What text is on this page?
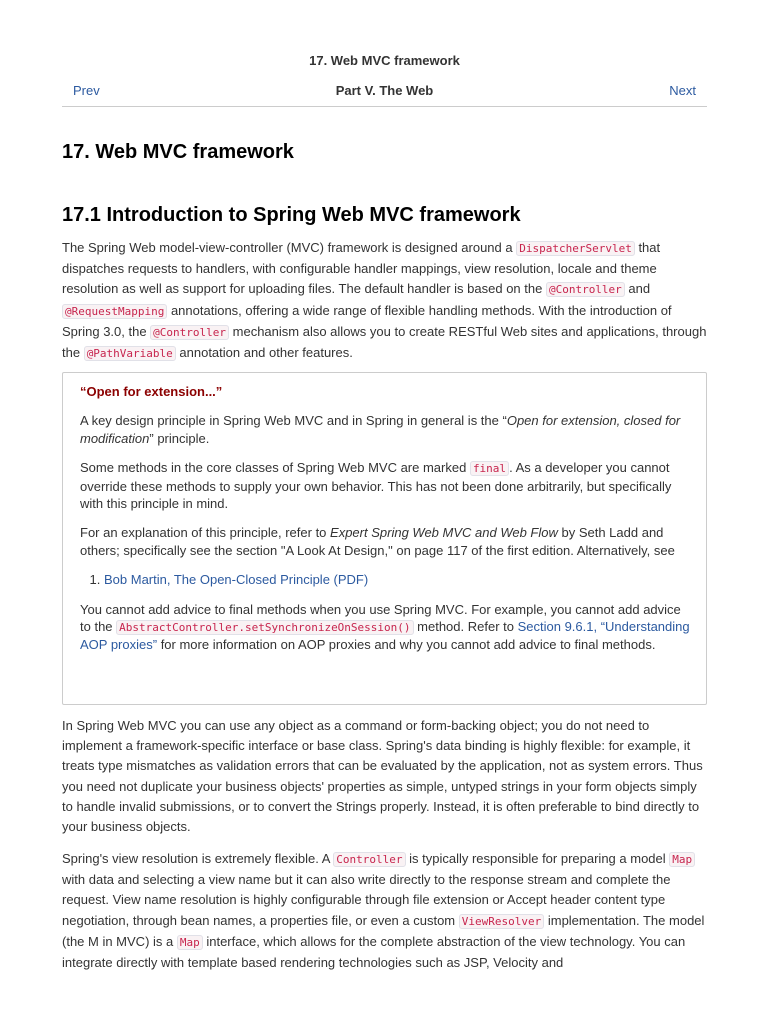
17. Web MVC framework
Prev	Part V. The Web	Next
17. Web MVC framework
17.1 Introduction to Spring Web MVC framework

The Spring Web model-view-controller (MVC) framework is designed around a DispatcherServlet that dispatches requests to handlers, with configurable handler mappings, view resolution, locale and theme resolution as well as support for uploading files. The default handler is based on the @Controller and @RequestMapping annotations, offering a wide range of flexible handling methods. With the introduction of Spring 3.0, the @Controller mechanism also allows you to create RESTful Web sites and applications, through the @PathVariable annotation and other features.

“Open for extension...”

A key design principle in Spring Web MVC and in Spring in general is the “Open for extension, closed for modification” principle.

Some methods in the core classes of Spring Web MVC are marked final . As a developer you cannot override these methods to supply your own behavior. This has not been done arbitrarily, but specifically with this principle in mind.

For an explanation of this principle, refer to Expert Spring Web MVC and Web Flow by Seth Ladd and others; specifically see the section "A Look At Design," on page 117 of the first edition. Alternatively, see

1. Bob Martin, The Open-Closed Principle (PDF)

You cannot add advice to final methods when you use Spring MVC. For example, you cannot add advice to the AbstractController.setSynchronizeOnSession() method. Refer to Section 9.6.1, “Understanding AOP proxies” for more information on AOP proxies and why you cannot add advice to final methods.

In Spring Web MVC you can use any object as a command or form-backing object; you do not need to implement a framework-specific interface or base class. Spring's data binding is highly flexible: for example, it treats type mismatches as validation errors that can be evaluated by the application, not as system errors. Thus you need not duplicate your business objects' properties as simple, untyped strings in your form objects simply to handle invalid submissions, or to convert the Strings properly. Instead, it is often preferable to bind directly to your business objects.

Spring's view resolution is extremely flexible. A Controller is typically responsible for preparing a model Map with data and selecting a view name but it can also write directly to the response stream and complete the request. View name resolution is highly configurable through file extension or Accept header content type negotiation, through bean names, a properties file, or even a custom ViewResolver implementation. The model (the M in MVC) is a Map interface, which allows for the complete abstraction of the view technology. You can integrate directly with template based rendering technologies such as JSP, Velocity and
